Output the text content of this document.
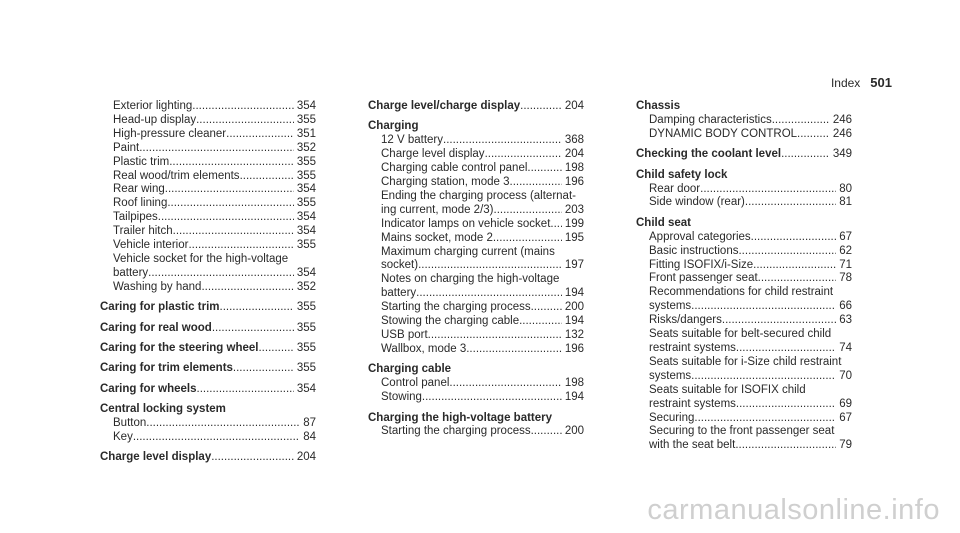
Index 501
Exterior lighting .....	354
Head-up display .....	355
High-pressure cleaner .....	351
Paint .....	352
Plastic trim .....	355
Real wood/trim elements .....	355
Rear wing .....	354
Roof lining .....	355
Tailpipes .....	354
Trailer hitch .....	354
Vehicle interior .....	355
Vehicle socket for the high-voltage
battery .....	354
Washing by hand .....	352
Caring for plastic trim .....	355
Caring for real wood .....	355
Caring for the steering wheel .....	355
Caring for trim elements .....	355
Caring for wheels .....	354
Central locking system
Button .....	87
Key .....	84
Charge level display .....	204
Charge level/charge display .....	204
Charging
12 V battery .....	368
Charge level display .....	204
Charging cable control panel .....	198
Charging station, mode 3 .....	196
Ending the charging process (alternat-
ing current, mode 2/3) .....	203
Indicator lamps on vehicle socket ..... 199
Mains socket, mode 2 .....	195
Maximum charging current (mains
socket) .....	197
Notes on charging the high-voltage
battery .....	194
Starting the charging process .....	200
Stowing the charging cable .....	194
USB port .....	132
Wallbox, mode 3 .....	196
Charging cable
Control panel .....	198
Stowing .....	194
Charging the high-voltage battery
Starting the charging process .....	200
Chassis
Damping characteristics .....	246
DYNAMIC BODY CONTROL .....	246
Checking the coolant level .....	349
Child safety lock
Rear door .....	80
Side window (rear) .....	81
Child seat
Approval categories .....	67
Basic instructions .....	62
Fitting ISOFIX/i-Size .....	71
Front passenger seat .....	78
Recommendations for child restraint
systems .....	66
Risks/dangers .....	63
Seats suitable for belt-secured child
restraint systems .....	74
Seats suitable for i-Size child restraint
systems .....	70
Seats suitable for ISOFIX child
restraint systems .....	69
Securing .....	67
Securing to the front passenger seat
with the seat belt .....	79
carmanualsonline.info
